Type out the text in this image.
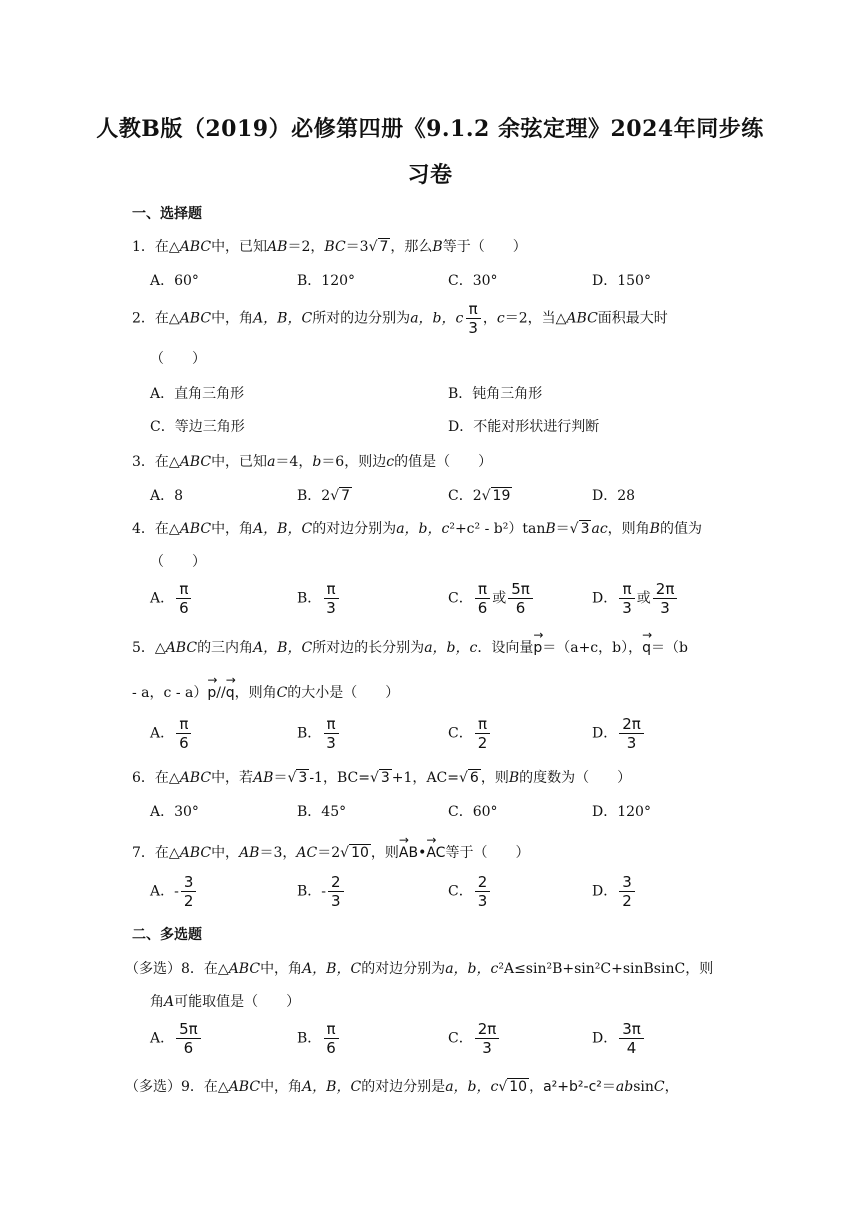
人教B版（2019）必修第四册《9.1.2 余弦定理》2024年同步练
习卷
一、选择题
1．在△ABC中，已知AB＝2，BC＝3√ 7 ，那么B等于（　　）
A．60°	B．120°	C．30°	D．150°
2．在△ABC中，角A，B，C所对的边分别为a，b，c $\frac{\pi}{3}$ ，c＝2，当△ABC面积最大时
（　　）
A．直角三角形	B．钝角三角形
C．等边三角形	D．不能对形状进行判断
3．在△ABC中，已知a＝4，b＝6，则边c的值是（　　）
A．8	B．2√ 7	C．2√ 19	D．28
4．在△ABC中，角A，B，C的对边分别为a，b，c²+c² - b²）tanB＝√ 3 ac，则角B的值为
（　　）
A． $\frac{\pi}{6}$	B． $\frac{\pi}{3}$	C． $\frac{\pi}{6}$ 或 $\frac{5\pi}{6}$	D． $\frac{\pi}{3}$ 或 $\frac{2\pi}{3}$
5．△ABC的三内角A，B，C所对边的长分别为a，b，c．设向量→ p＝（a+c，b），→ q＝（b
- a，c - a）→ p//→ q，则角C的大小是（　　）
A． $\frac{\pi}{6}$	B． $\frac{\pi}{3}$	C． $\frac{\pi}{2}$	D． $\frac{2\pi}{3}$
6．在△ABC中，若AB＝√ 3 -1，BC=√ 3 +1，AC=√ 6 ，则B的度数为（　　）
A．30°	B．45°	C．60°	D．120°
7．在△ABC中，AB＝3，AC＝2√ 10 ，则→ AB•→ AC等于（　　）
A．- $\frac{3}{2}$	B．- $\frac{2}{3}$	C． $\frac{2}{3}$	D． $\frac{3}{2}$
二、多选题
（多选）8．在△ABC中，角A，B，C的对边分别为a，b，c²A≤sin²B+sin²C+sinBsinC，则
角A可能取值是（　　）
A． $\frac{5\pi}{6}$	B． $\frac{\pi}{6}$	C． $\frac{2\pi}{3}$	D． $\frac{3\pi}{4}$
（多选）9．在△ABC中，角A，B，C的对边分别是a，b，c√ 10 ，a²+b²-c²＝absinC，
